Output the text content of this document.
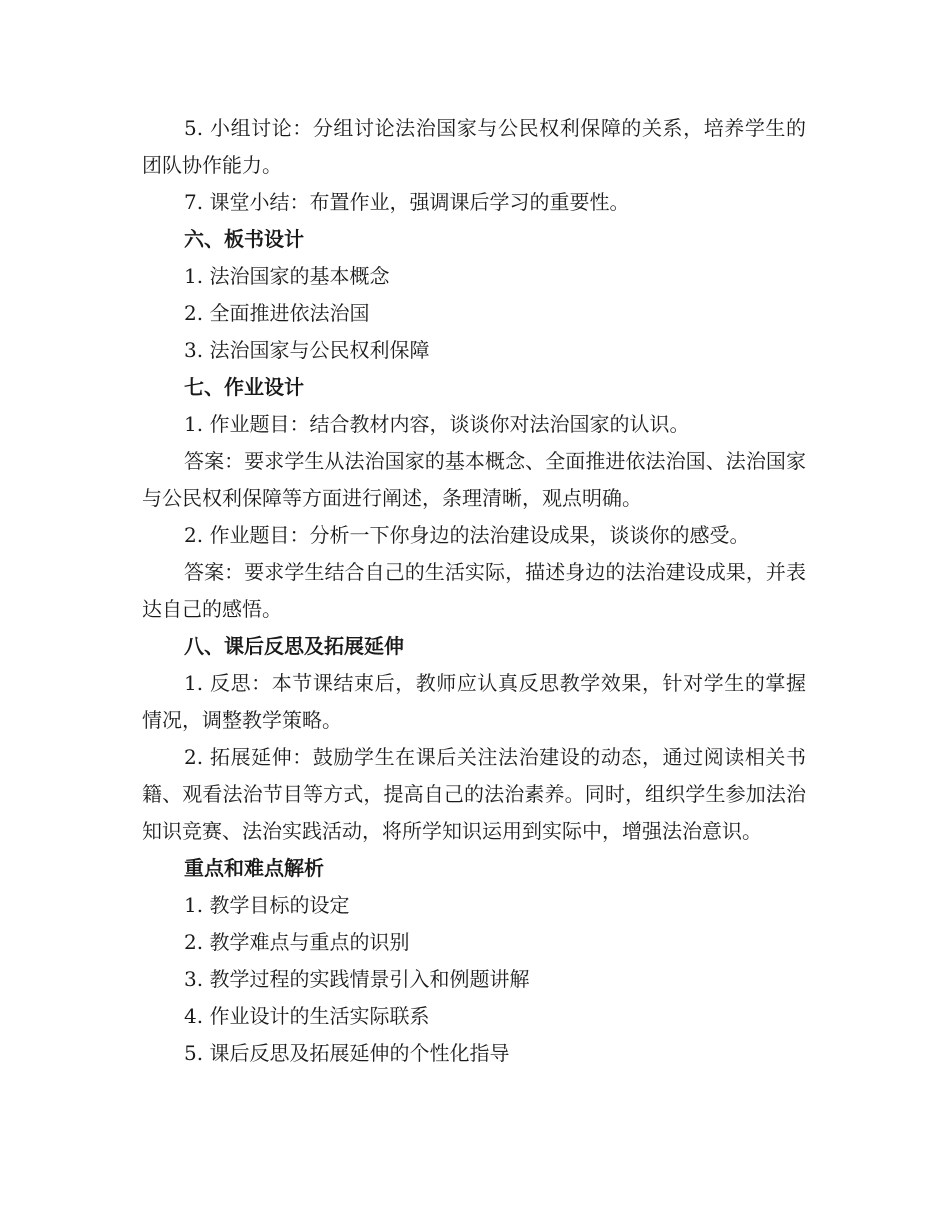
5. 小组讨论：分组讨论法治国家与公民权利保障的关系，培养学生的团队协作能力。

7. 课堂小结：布置作业，强调课后学习的重要性。

六、板书设计

1. 法治国家的基本概念

2. 全面推进依法治国

3. 法治国家与公民权利保障

七、作业设计

1. 作业题目：结合教材内容，谈谈你对法治国家的认识。

答案：要求学生从法治国家的基本概念、全面推进依法治国、法治国家与公民权利保障等方面进行阐述，条理清晰，观点明确。

2. 作业题目：分析一下你身边的法治建设成果，谈谈你的感受。

答案：要求学生结合自己的生活实际，描述身边的法治建设成果，并表达自己的感悟。

八、课后反思及拓展延伸

1. 反思：本节课结束后，教师应认真反思教学效果，针对学生的掌握情况，调整教学策略。

2. 拓展延伸：鼓励学生在课后关注法治建设的动态，通过阅读相关书籍、观看法治节目等方式，提高自己的法治素养。同时，组织学生参加法治知识竞赛、法治实践活动，将所学知识运用到实际中，增强法治意识。

重点和难点解析

1. 教学目标的设定

2. 教学难点与重点的识别

3. 教学过程的实践情景引入和例题讲解

4. 作业设计的生活实际联系

5. 课后反思及拓展延伸的个性化指导
